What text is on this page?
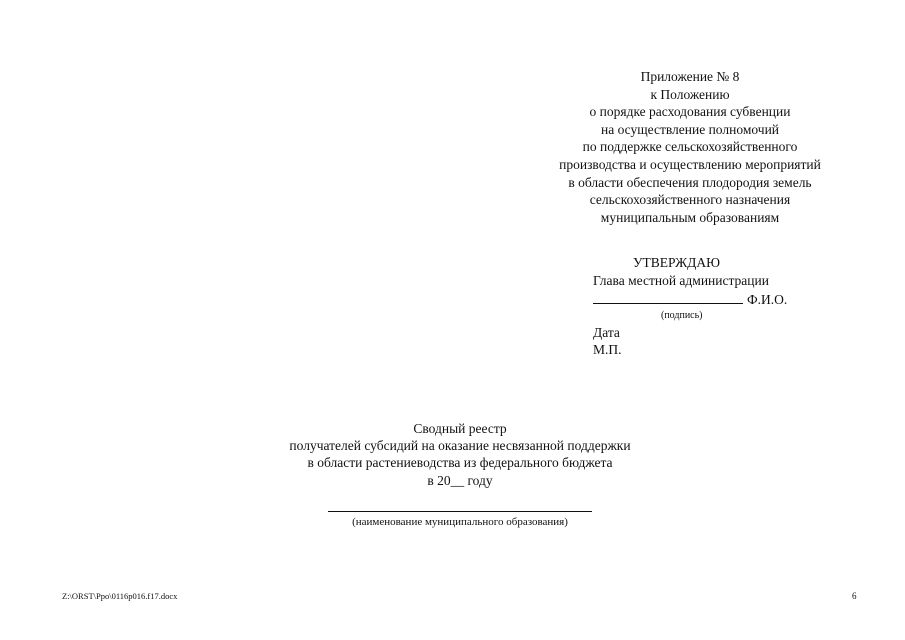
Приложение № 8
к Положению
о порядке расходования субвенции
на осуществление полномочий
по поддержке сельскохозяйственного
производства и осуществлению мероприятий
в области обеспечения плодородия земель
сельскохозяйственного назначения
муниципальным образованиям
УТВЕРЖДАЮ
Глава местной администрации
Ф.И.О.
(подпись)
Дата
М.П.
Сводный реестр
получателей субсидий на оказание несвязанной поддержки
в области растениеводства из федерального бюджета
в 20__ году
(наименование муниципального образования)
Z:\ORST\Ppo\0116p016.f17.docx	6
